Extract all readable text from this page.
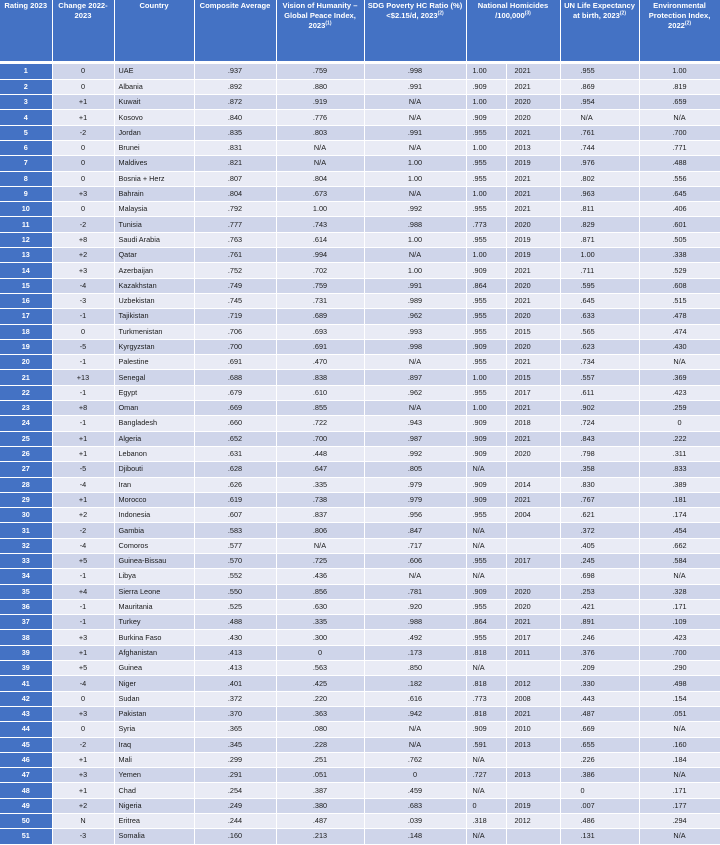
Rating 2023	Change 2022-2023	Country	Composite Average	Vision of Humanity – Global Peace Index, 2023$^{(1)}$	SDG Poverty HC Ratio (%) <$2.15/d, 2023$^{(2)}$	National Homicides /100,000$^{(3)}$		UN Life Expectancy at birth, 2023$^{(2)}$	Environmental Protection Index, 2022$^{(2)}$

1	0	UAE	.937	.759	.998	1.00	2021	.955	1.00
2	0	Albania	.892	.880	.991	.909	2021	.869	.819
3	+1	Kuwait	.872	.919	N/A	1.00	2020	.954	.659
4	+1	Kosovo	.840	.776	N/A	.909	2020	N/A	N/A
5	-2	Jordan	.835	.803	.991	.955	2021	.761	.700
6	0	Brunei	.831	N/A	N/A	1.00	2013	.744	.771
7	0	Maldives	.821	N/A	1.00	.955	2019	.976	.488
8	0	Bosnia + Herz	.807	.804	1.00	.955	2021	.802	.556
9	+3	Bahrain	.804	.673	N/A	1.00	2021	.963	.645
10	0	Malaysia	.792	1.00	.992	.955	2021	.811	.406
11	-2	Tunisia	.777	.743	.988	.773	2020	.829	.601
12	+8	Saudi Arabia	.763	.614	1.00	.955	2019	.871	.505
13	+2	Qatar	.761	.994	N/A	1.00	2019	1.00	.338
14	+3	Azerbaijan	.752	.702	1.00	.909	2021	.711	.529
15	-4	Kazakhstan	.749	.759	.991	.864	2020	.595	.608
16	-3	Uzbekistan	.745	.731	.989	.955	2021	.645	.515
17	-1	Tajikistan	.719	.689	.962	.955	2020	.633	.478
18	0	Turkmenistan	.706	.693	.993	.955	2015	.565	.474
19	-5	Kyrgyzstan	.700	.691	.998	.909	2020	.623	.430
20	-1	Palestine	.691	.470	N/A	.955	2021	.734	N/A
21	+13	Senegal	.688	.838	.897	1.00	2015	.557	.369
22	-1	Egypt	.679	.610	.962	.955	2017	.611	.423
23	+8	Oman	.669	.855	N/A	1.00	2021	.902	.259
24	-1	Bangladesh	.660	.722	.943	.909	2018	.724	0
25	+1	Algeria	.652	.700	.987	.909	2021	.843	.222
26	+1	Lebanon	.631	.448	.992	.909	2020	.798	.311
27	-5	Djibouti	.628	.647	.805	N/A		.358	.833
28	-4	Iran	.626	.335	.979	.909	2014	.830	.389
29	+1	Morocco	.619	.738	.979	.909	2021	.767	.181
30	+2	Indonesia	.607	.837	.956	.955	2004	.621	.174
31	-2	Gambia	.583	.806	.847	N/A		.372	.454
32	-4	Comoros	.577	N/A	.717	N/A		.405	.662
33	+5	Guinea-Bissau	.570	.725	.606	.955	2017	.245	.584
34	-1	Libya	.552	.436	N/A	N/A		.698	N/A
35	+4	Sierra Leone	.550	.856	.781	.909	2020	.253	.328
36	-1	Mauritania	.525	.630	.920	.955	2020	.421	.171
37	-1	Turkey	.488	.335	.988	.864	2021	.891	.109
38	+3	Burkina Faso	.430	.300	.492	.955	2017	.246	.423
39	+1	Afghanistan	.413	0	.173	.818	2011	.376	.700
39	+5	Guinea	.413	.563	.850	N/A		.209	.290
41	-4	Niger	.401	.425	.182	.818	2012	.330	.498
42	0	Sudan	.372	.220	.616	.773	2008	.443	.154
43	+3	Pakistan	.370	.363	.942	.818	2021	.487	.051
44	0	Syria	.365	.080	N/A	.909	2010	.669	N/A
45	-2	Iraq	.345	.228	N/A	.591	2013	.655	.160
46	+1	Mali	.299	.251	.762	N/A		.226	.184
47	+3	Yemen	.291	.051	0	.727	2013	.386	N/A
48	+1	Chad	.254	.387	.459	N/A		0	.171
49	+2	Nigeria	.249	.380	.683	0	2019	.007	.177
50	N	Eritrea	.244	.487	.039	.318	2012	.486	.294
51	-3	Somalia	.160	.213	.148	N/A		.131	N/A
